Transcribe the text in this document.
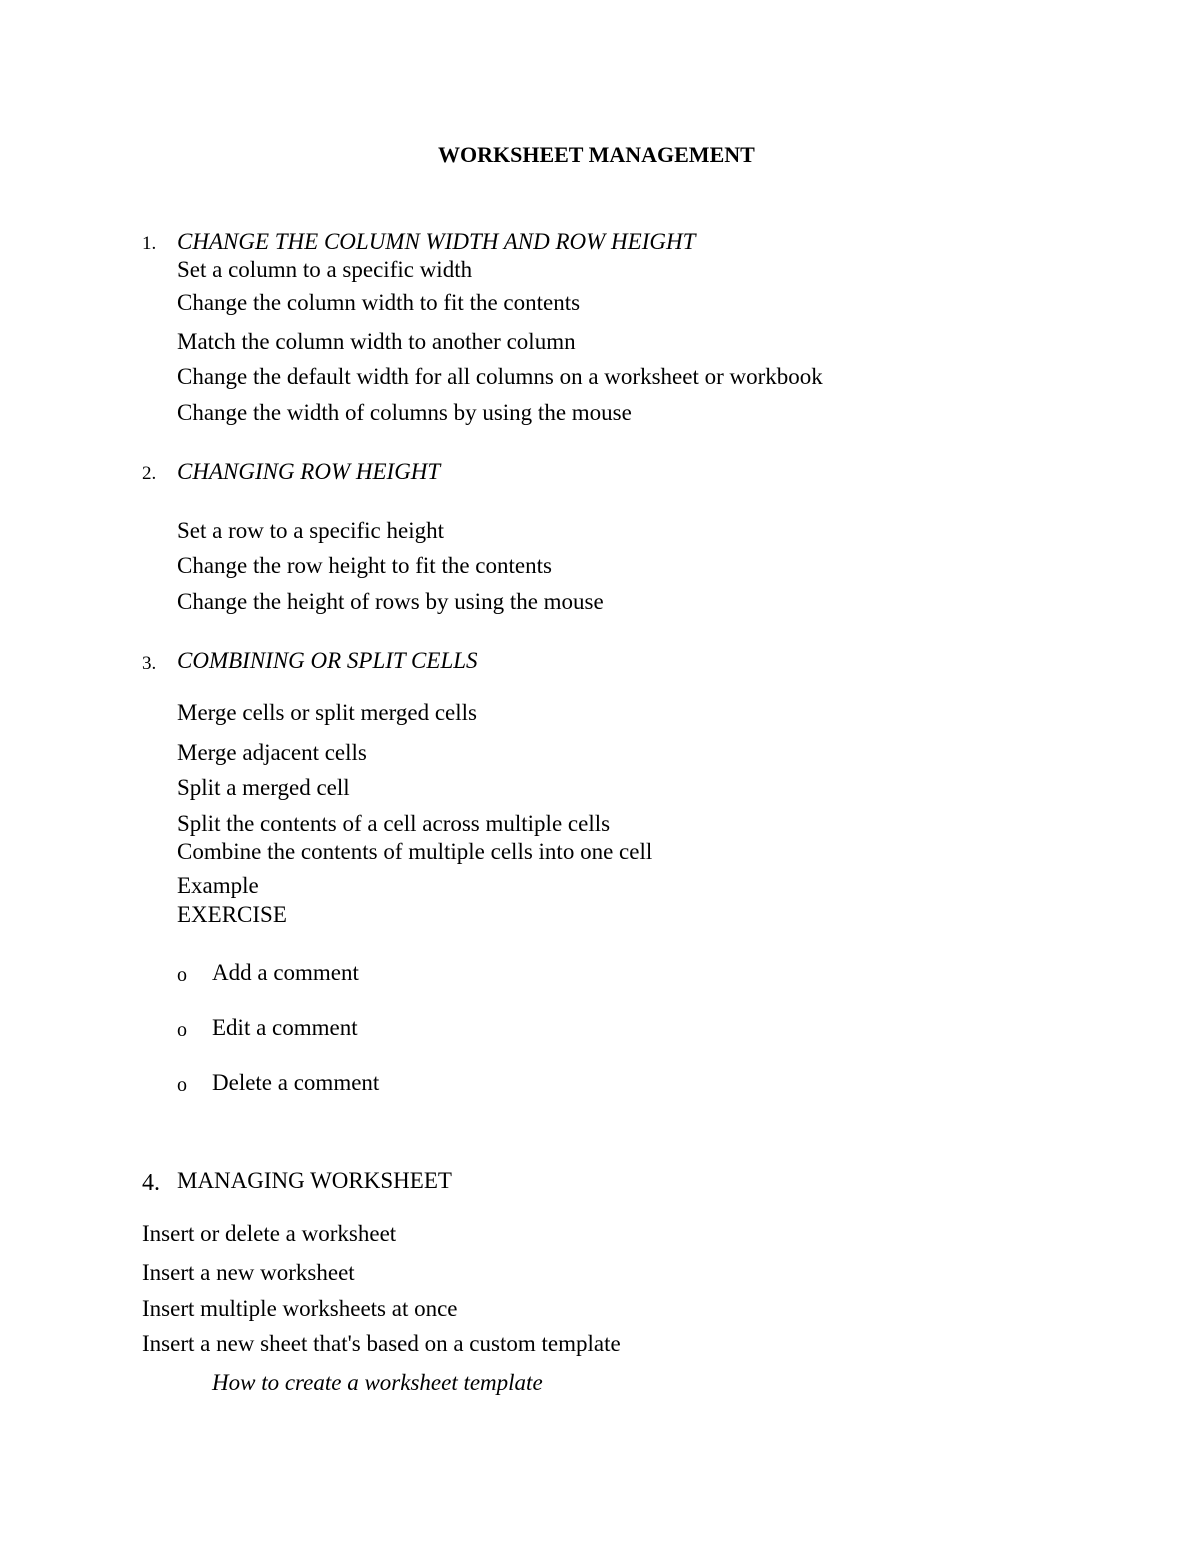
WORKSHEET MANAGEMENT
1. CHANGE THE COLUMN WIDTH AND ROW HEIGHT
Set a column to a specific width
Change the column width to fit the contents
Match the column width to another column
Change the default width for all columns on a worksheet or workbook
Change the width of columns by using the mouse
2. CHANGING ROW HEIGHT
Set a row to a specific height
Change the row height to fit the contents
Change the height of rows by using the mouse
3. COMBINING OR SPLIT CELLS
Merge cells or split merged cells
Merge adjacent cells
Split a merged cell
Split the contents of a cell across multiple cells
Combine the contents of multiple cells into one cell
Example
EXERCISE
o Add a comment
o Edit a comment
o Delete a comment
4. MANAGING WORKSHEET
Insert or delete a worksheet
Insert a new worksheet
Insert multiple worksheets at once
Insert a new sheet that's based on a custom template
How to create a worksheet template
